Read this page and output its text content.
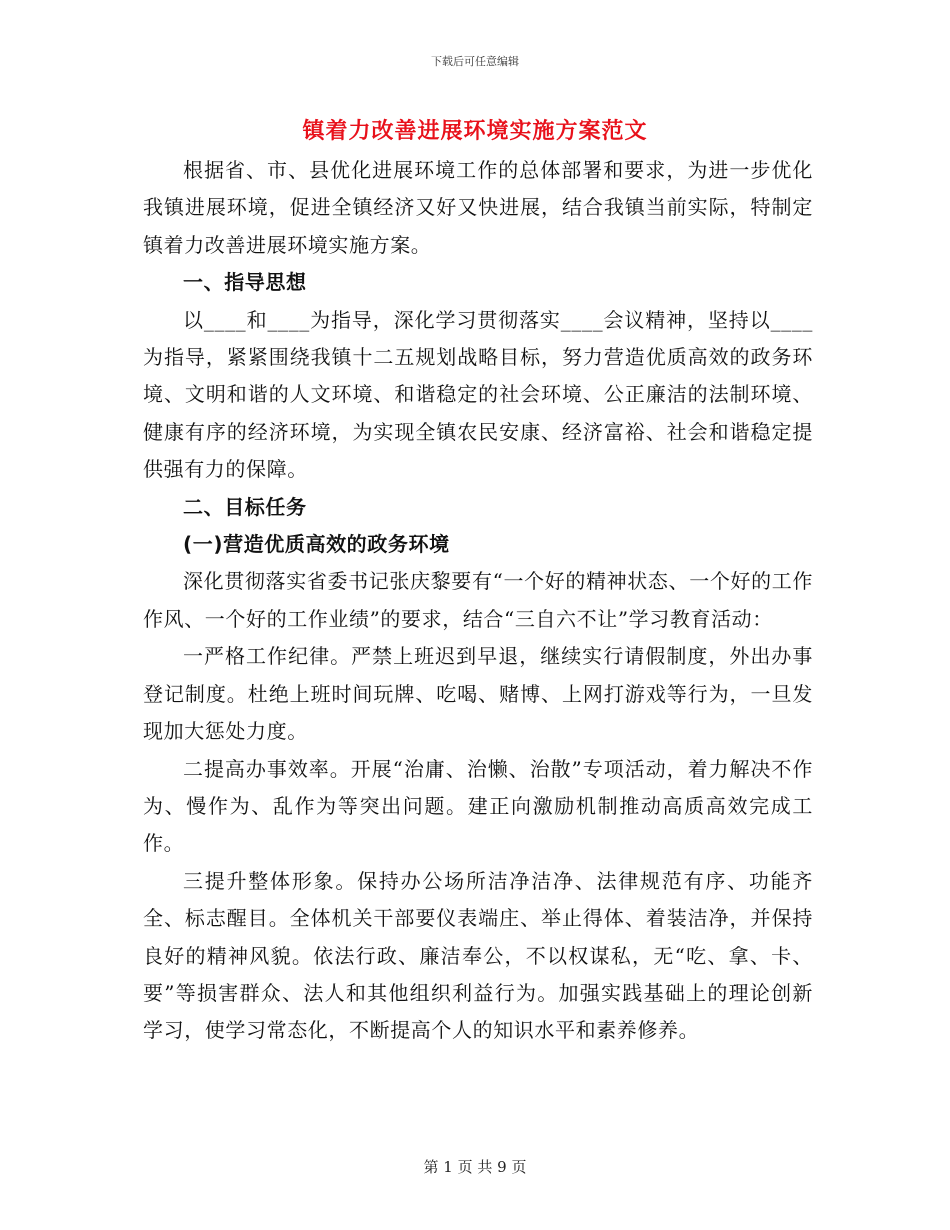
下载后可任意编辑
镇着力改善进展环境实施方案范文

根据省、市、县优化进展环境工作的总体部署和要求，为进一步优化我镇进展环境，促进全镇经济又好又快进展，结合我镇当前实际，特制定镇着力改善进展环境实施方案。

一、指导思想

以____和____为指导，深化学习贯彻落实____会议精神，坚持以____为指导，紧紧围绕我镇十二五规划战略目标，努力营造优质高效的政务环境、文明和谐的人文环境、和谐稳定的社会环境、公正廉洁的法制环境、健康有序的经济环境，为实现全镇农民安康、经济富裕、社会和谐稳定提供强有力的保障。

二、目标任务

(一)营造优质高效的政务环境

深化贯彻落实省委书记张庆黎要有“一个好的精神状态、一个好的工作作风、一个好的工作业绩”的要求，结合“三自六不让”学习教育活动：

一严格工作纪律。严禁上班迟到早退，继续实行请假制度，外出办事登记制度。杜绝上班时间玩牌、吃喝、赌博、上网打游戏等行为，一旦发现加大惩处力度。

二提高办事效率。开展“治庸、治懒、治散”专项活动，着力解决不作为、慢作为、乱作为等突出问题。建正向激励机制推动高质高效完成工作。

三提升整体形象。保持办公场所洁净洁净、法律规范有序、功能齐全、标志醒目。全体机关干部要仪表端庄、举止得体、着装洁净，并保持良好的精神风貌。依法行政、廉洁奉公，不以权谋私，无“吃、拿、卡、要”等损害群众、法人和其他组织利益行为。加强实践基础上的理论创新学习，使学习常态化，不断提高个人的知识水平和素养修养。

第 1 页 共 9 页
